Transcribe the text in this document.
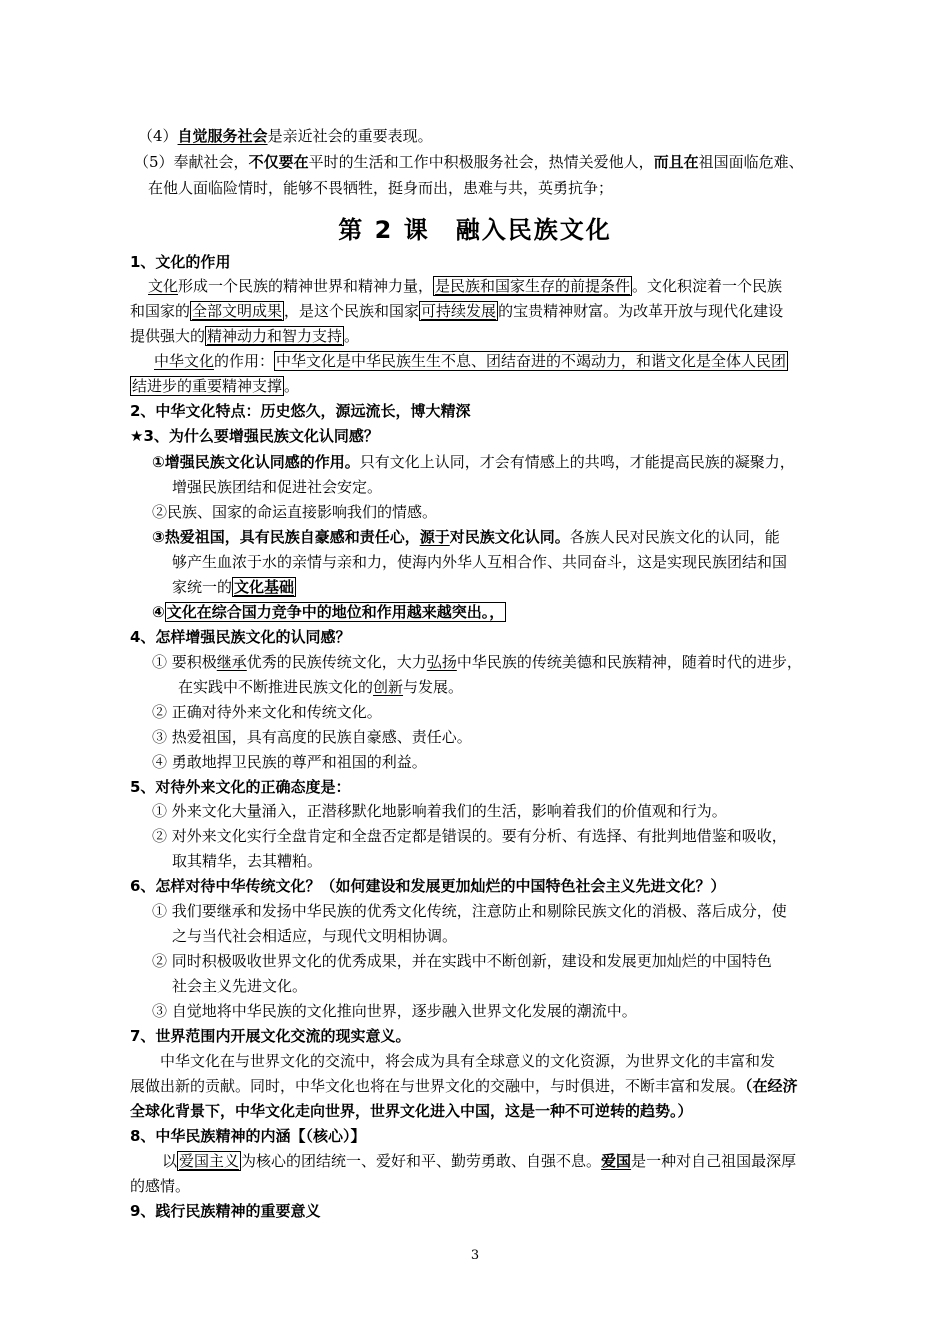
（4）自觉服务社会是亲近社会的重要表现。
（5）奉献社会，不仅要在平时的生活和工作中积极服务社会，热情关爱他人，而且在祖国面临危难、
在他人面临险情时，能够不畏牺牲，挺身而出，患难与共，英勇抗争；
第 2 课　融入民族文化
1、文化的作用
文化形成一个民族的精神世界和精神力量， 是民族和国家生存的前提条件 。文化积淀着一个民族
和国家的 全部文明成果 ，是这个民族和国家 可持续发展 的宝贵精神财富。为改革开放与现代化建设
提供强大的 精神动力和智力支持 。
中华文化的作用： 中华文化是中华民族生生不息、团结奋进的不竭动力，和谐文化是全体人民团
结进步的重要精神支撑 。
2、中华文化特点：历史悠久，源远流长，博大精深
★3、为什么要增强民族文化认同感？
①增强民族文化认同感的作用。只有文化上认同，才会有情感上的共鸣，才能提高民族的凝聚力，
增强民族团结和促进社会安定。
②民族、国家的命运直接影响我们的情感。
③热爱祖国，具有民族自豪感和责任心，源于对民族文化认同。各族人民对民族文化的认同，能
够产生血浓于水的亲情与亲和力，使海内外华人互相合作、共同奋斗，这是实现民族团结和国
家统一的 文化基础
④ 文化在综合国力竞争中的地位和作用越来越突出。，
4、怎样增强民族文化的认同感？
① 要积极继承优秀的民族传统文化，大力弘扬中华民族的传统美德和民族精神，随着时代的进步，
在实践中不断推进民族文化的创新与发展。
② 正确对待外来文化和传统文化。
③ 热爱祖国，具有高度的民族自豪感、责任心。
④ 勇敢地捍卫民族的尊严和祖国的利益。
5、对待外来文化的正确态度是：
① 外来文化大量涌入，正潜移默化地影响着我们的生活，影响着我们的价值观和行为。
② 对外来文化实行全盘肯定和全盘否定都是错误的。要有分析、有选择、有批判地借鉴和吸收，
取其精华，去其糟粕。
6、怎样对待中华传统文化？（如何建设和发展更加灿烂的中国特色社会主义先进文化？）
① 我们要继承和发扬中华民族的优秀文化传统，注意防止和剔除民族文化的消极、落后成分，使
之与当代社会相适应，与现代文明相协调。
② 同时积极吸收世界文化的优秀成果，并在实践中不断创新，建设和发展更加灿烂的中国特色
社会主义先进文化。
③ 自觉地将中华民族的文化推向世界，逐步融入世界文化发展的潮流中。
7、世界范围内开展文化交流的现实意义。
中华文化在与世界文化的交流中，将会成为具有全球意义的文化资源，为世界文化的丰富和发
展做出新的贡献。同时，中华文化也将在与世界文化的交融中，与时俱进，不断丰富和发展。（在经济
全球化背景下，中华文化走向世界，世界文化进入中国，这是一种不可逆转的趋势。）
8、中华民族精神的内涵【（核心）】
以 爱国主义 为核心的团结统一、爱好和平、勤劳勇敢、自强不息。爱国是一种对自己祖国最深厚
的感情。
9、践行民族精神的重要意义
3
